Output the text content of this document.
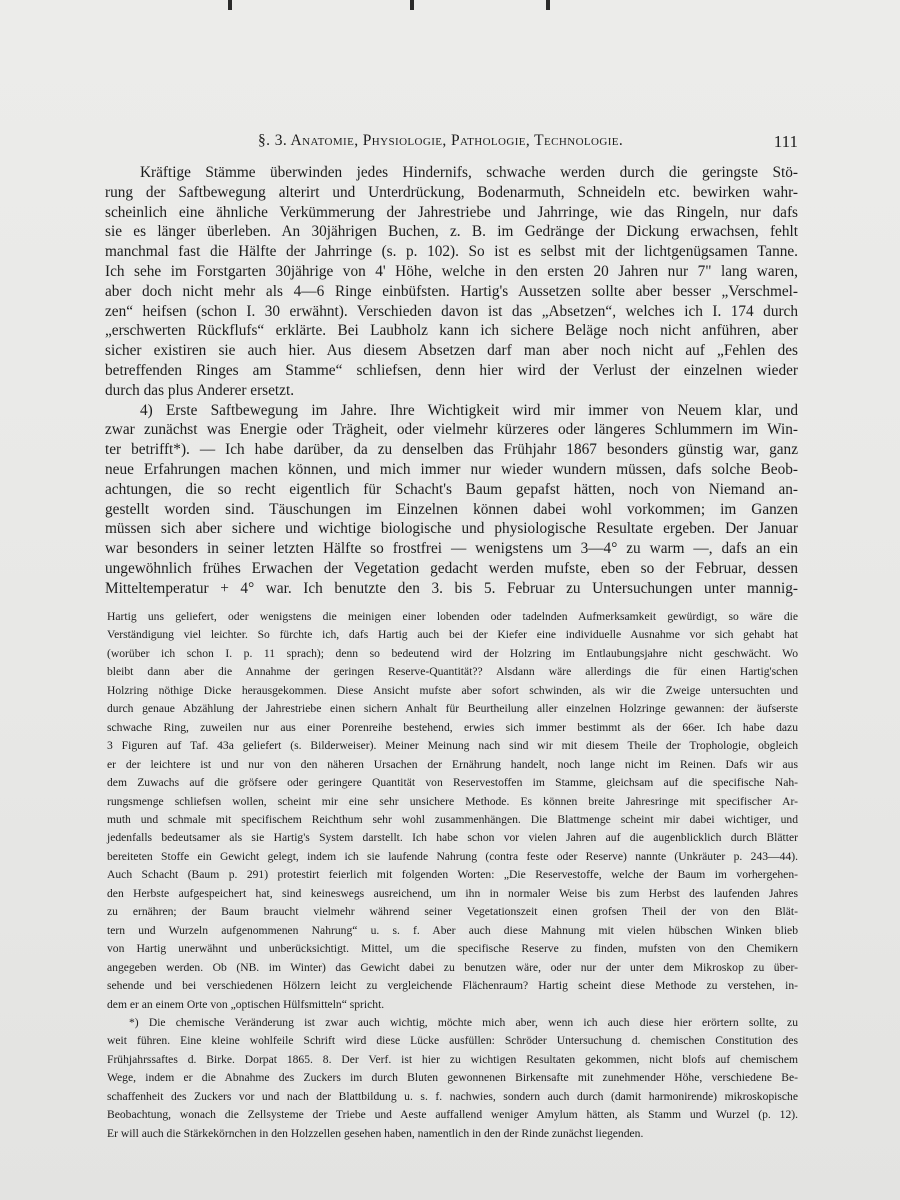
§. 3. Anatomie, Physiologie, Pathologie, Technologie.	111
Kräftige Stämme überwinden jedes Hindernifs, schwache werden durch die geringste Stö-
rung der Saftbewegung alterirt und Unterdrückung, Bodenarmuth, Schneideln etc. bewirken wahr-
scheinlich eine ähnliche Verkümmerung der Jahrestriebe und Jahrringe, wie das Ringeln, nur dafs
sie es länger überleben. An 30jährigen Buchen, z. B. im Gedränge der Dickung erwachsen, fehlt
manchmal fast die Hälfte der Jahrringe (s. p. 102). So ist es selbst mit der lichtgenügsamen Tanne.
Ich sehe im Forstgarten 30jährige von 4' Höhe, welche in den ersten 20 Jahren nur 7" lang waren,
aber doch nicht mehr als 4—6 Ringe einbüfsten. Hartig's Aussetzen sollte aber besser „Verschmel-
zen“ heifsen (schon I. 30 erwähnt). Verschieden davon ist das „Absetzen“, welches ich I. 174 durch
„erschwerten Rückflufs“ erklärte. Bei Laubholz kann ich sichere Beläge noch nicht anführen, aber
sicher existiren sie auch hier. Aus diesem Absetzen darf man aber noch nicht auf „Fehlen des
betreffenden Ringes am Stamme“ schliefsen, denn hier wird der Verlust der einzelnen wieder
durch das plus Anderer ersetzt.
4) Erste Saftbewegung im Jahre. Ihre Wichtigkeit wird mir immer von Neuem klar, und
zwar zunächst was Energie oder Trägheit, oder vielmehr kürzeres oder längeres Schlummern im Win-
ter betrifft*). — Ich habe darüber, da zu denselben das Frühjahr 1867 besonders günstig war, ganz
neue Erfahrungen machen können, und mich immer nur wieder wundern müssen, dafs solche Beob-
achtungen, die so recht eigentlich für Schacht's Baum gepafst hätten, noch von Niemand an-
gestellt worden sind. Täuschungen im Einzelnen können dabei wohl vorkommen; im Ganzen
müssen sich aber sichere und wichtige biologische und physiologische Resultate ergeben. Der Januar
war besonders in seiner letzten Hälfte so frostfrei — wenigstens um 3—4° zu warm —, dafs an ein
ungewöhnlich frühes Erwachen der Vegetation gedacht werden mufste, eben so der Februar, dessen
Mitteltemperatur + 4° war. Ich benutzte den 3. bis 5. Februar zu Untersuchungen unter mannig-
Hartig uns geliefert, oder wenigstens die meinigen einer lobenden oder tadelnden Aufmerksamkeit gewürdigt, so wäre die
Verständigung viel leichter. So fürchte ich, dafs Hartig auch bei der Kiefer eine individuelle Ausnahme vor sich gehabt hat
(worüber ich schon I. p. 11 sprach); denn so bedeutend wird der Holzring im Entlaubungsjahre nicht geschwächt. Wo
bleibt dann aber die Annahme der geringen Reserve-Quantität?? Alsdann wäre allerdings die für einen Hartig'schen
Holzring nöthige Dicke herausgekommen. Diese Ansicht mufste aber sofort schwinden, als wir die Zweige untersuchten und
durch genaue Abzählung der Jahrestriebe einen sichern Anhalt für Beurtheilung aller einzelnen Holzringe gewannen: der äufserste
schwache Ring, zuweilen nur aus einer Porenreihe bestehend, erwies sich immer bestimmt als der 66er. Ich habe dazu
3 Figuren auf Taf. 43a geliefert (s. Bilderweiser). Meiner Meinung nach sind wir mit diesem Theile der Trophologie, obgleich
er der leichtere ist und nur von den näheren Ursachen der Ernährung handelt, noch lange nicht im Reinen. Dafs wir aus
dem Zuwachs auf die gröfsere oder geringere Quantität von Reservestoffen im Stamme, gleichsam auf die specifische Nah-
rungsmenge schliefsen wollen, scheint mir eine sehr unsichere Methode. Es können breite Jahresringe mit specifischer Ar-
muth und schmale mit specifischem Reichthum sehr wohl zusammenhängen. Die Blattmenge scheint mir dabei wichtiger, und
jedenfalls bedeutsamer als sie Hartig's System darstellt. Ich habe schon vor vielen Jahren auf die augenblicklich durch Blätter
bereiteten Stoffe ein Gewicht gelegt, indem ich sie laufende Nahrung (contra feste oder Reserve) nannte (Unkräuter p. 243—44).
Auch Schacht (Baum p. 291) protestirt feierlich mit folgenden Worten: „Die Reservestoffe, welche der Baum im vorhergehen-
den Herbste aufgespeichert hat, sind keineswegs ausreichend, um ihn in normaler Weise bis zum Herbst des laufenden Jahres
zu ernähren; der Baum braucht vielmehr während seiner Vegetationszeit einen grofsen Theil der von den Blät-
tern und Wurzeln aufgenommenen Nahrung“ u. s. f. Aber auch diese Mahnung mit vielen hübschen Winken blieb
von Hartig unerwähnt und unberücksichtigt. Mittel, um die specifische Reserve zu finden, mufsten von den Chemikern
angegeben werden. Ob (NB. im Winter) das Gewicht dabei zu benutzen wäre, oder nur der unter dem Mikroskop zu über-
sehende und bei verschiedenen Hölzern leicht zu vergleichende Flächenraum? Hartig scheint diese Methode zu verstehen, in-
dem er an einem Orte von „optischen Hülfsmitteln“ spricht.
*) Die chemische Veränderung ist zwar auch wichtig, möchte mich aber, wenn ich auch diese hier erörtern sollte, zu
weit führen. Eine kleine wohlfeile Schrift wird diese Lücke ausfüllen: Schröder Untersuchung d. chemischen Constitution des
Frühjahrssaftes d. Birke. Dorpat 1865. 8. Der Verf. ist hier zu wichtigen Resultaten gekommen, nicht blofs auf chemischem
Wege, indem er die Abnahme des Zuckers im durch Bluten gewonnenen Birkensafte mit zunehmender Höhe, verschiedene Be-
schaffenheit des Zuckers vor und nach der Blattbildung u. s. f. nachwies, sondern auch durch (damit harmonirende) mikroskopische
Beobachtung, wonach die Zellsysteme der Triebe und Aeste auffallend weniger Amylum hätten, als Stamm und Wurzel (p. 12).
Er will auch die Stärkekörnchen in den Holzzellen gesehen haben, namentlich in den der Rinde zunächst liegenden.
